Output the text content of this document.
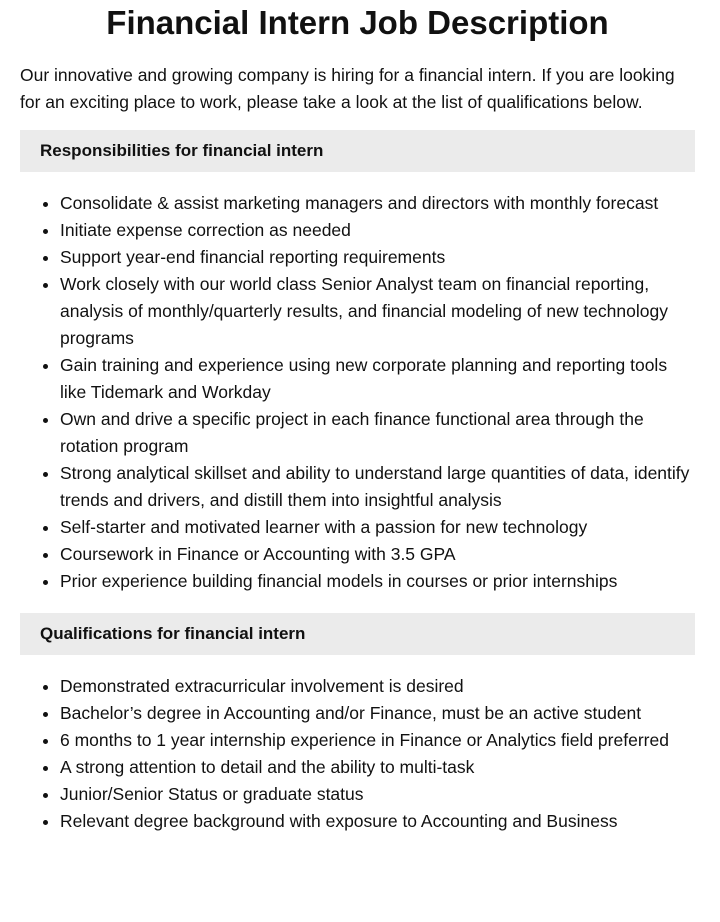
Financial Intern Job Description

Our innovative and growing company is hiring for a financial intern. If you are looking for an exciting place to work, please take a look at the list of qualifications below.

Responsibilities for financial intern
• Consolidate & assist marketing managers and directors with monthly forecast
• Initiate expense correction as needed
• Support year-end financial reporting requirements
• Work closely with our world class Senior Analyst team on financial reporting, analysis of monthly/quarterly results, and financial modeling of new technology programs
• Gain training and experience using new corporate planning and reporting tools like Tidemark and Workday
• Own and drive a specific project in each finance functional area through the rotation program
• Strong analytical skillset and ability to understand large quantities of data, identify trends and drivers, and distill them into insightful analysis
• Self-starter and motivated learner with a passion for new technology
• Coursework in Finance or Accounting with 3.5 GPA
• Prior experience building financial models in courses or prior internships
Qualifications for financial intern
• Demonstrated extracurricular involvement is desired
• Bachelor’s degree in Accounting and/or Finance, must be an active student
• 6 months to 1 year internship experience in Finance or Analytics field preferred
• A strong attention to detail and the ability to multi-task
• Junior/Senior Status or graduate status
• Relevant degree background with exposure to Accounting and Business
